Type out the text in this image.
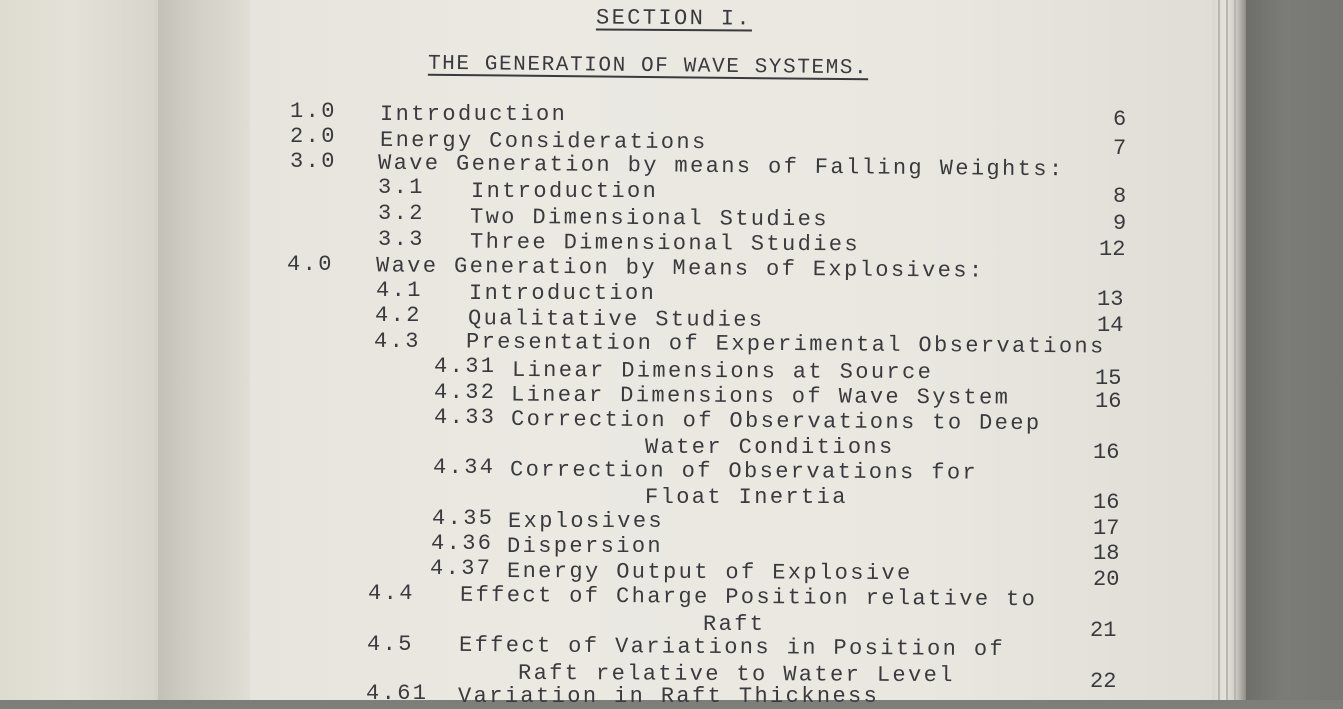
SECTION I.
THE GENERATION OF WAVE SYSTEMS.
1.0 Introduction	6
2.0 Energy Considerations	7
3.0 Wave Generation by means of Falling Weights:
3.1 Introduction	8
3.2 Two Dimensional Studies	9
3.3 Three Dimensional Studies	12
4.0 Wave Generation by Means of Explosives:
4.1 Introduction	13
4.2 Qualitative Studies	14
4.3 Presentation of Experimental Observations
4.31 Linear Dimensions at Source	15
4.32 Linear Dimensions of Wave System	16
4.33 Correction of Observations to Deep
Water Conditions	16
4.34 Correction of Observations for
Float Inertia	16
4.35 Explosives	17
4.36 Dispersion	18
4.37 Energy Output of Explosive	20
4.4 Effect of Charge Position relative to
Raft	21
4.5 Effect of Variations in Position of
Raft relative to Water Level	22
4.61 Variation in Raft Thickness
